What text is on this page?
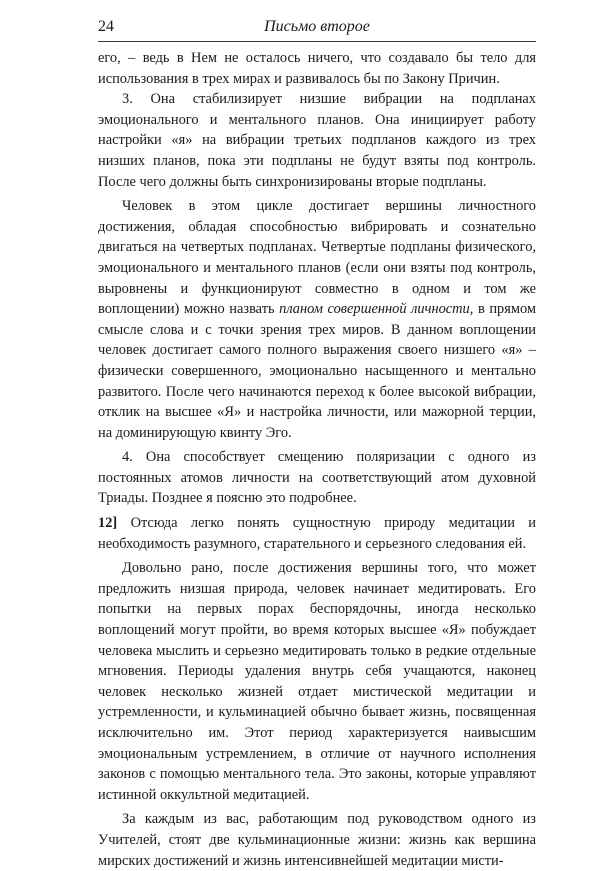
24	Письмо второе

его, – ведь в Нем не осталось ничего, что создавало бы тело для использования в трех мирах и развивалось бы по Закону Причин.

3. Она стабилизирует низшие вибрации на подпланах эмоционального и ментального планов. Она инициирует работу настройки «я» на вибрации третьих подпланов каждого из трех низших планов, пока эти подпланы не будут взяты под контроль. После чего должны быть синхронизированы вторые подпланы.

Человек в этом цикле достигает вершины личностного достижения, обладая способностью вибрировать и сознательно двигаться на четвертых подпланах. Четвертые подпланы физического, эмоционального и ментального планов (если они взяты под контроль, выровнены и функционируют совместно в одном и том же воплощении) можно назвать планом совершенной личности, в прямом смысле слова и с точки зрения трех миров. В данном воплощении человек достигает самого полного выражения своего низшего «я» – физически совершенного, эмоционально насыщенного и ментально развитого. После чего начинаются переход к более высокой вибрации, отклик на высшее «Я» и настройка личности, или мажорной терции, на доминирующую квинту Эго.

4. Она способствует смещению поляризации с одного из постоянных атомов личности на соответствующий атом духовной Триады. Позднее я поясню это подробнее.

12] Отсюда легко понять сущностную природу медитации и необходимость разумного, старательного и серьезного следования ей.

Довольно рано, после достижения вершины того, что может предложить низшая природа, человек начинает медитировать. Его попытки на первых порах беспорядочны, иногда несколько воплощений могут пройти, во время которых высшее «Я» побуждает человека мыслить и серьезно медитировать только в редкие отдельные мгновения. Периоды удаления внутрь себя учащаются, наконец человек несколько жизней отдает мистической медитации и устремленности, и кульминацией обычно бывает жизнь, посвященная исключительно им. Этот период характеризуется наивысшим эмоциональным устремлением, в отличие от научного исполнения законов с помощью ментального тела. Это законы, которые управляют истинной оккультной медитацией.

За каждым из вас, работающим под руководством одного из Учителей, стоят две кульминационные жизни: жизнь как вершина мирских достижений и жизнь интенсивнейшей медитации мисти-
